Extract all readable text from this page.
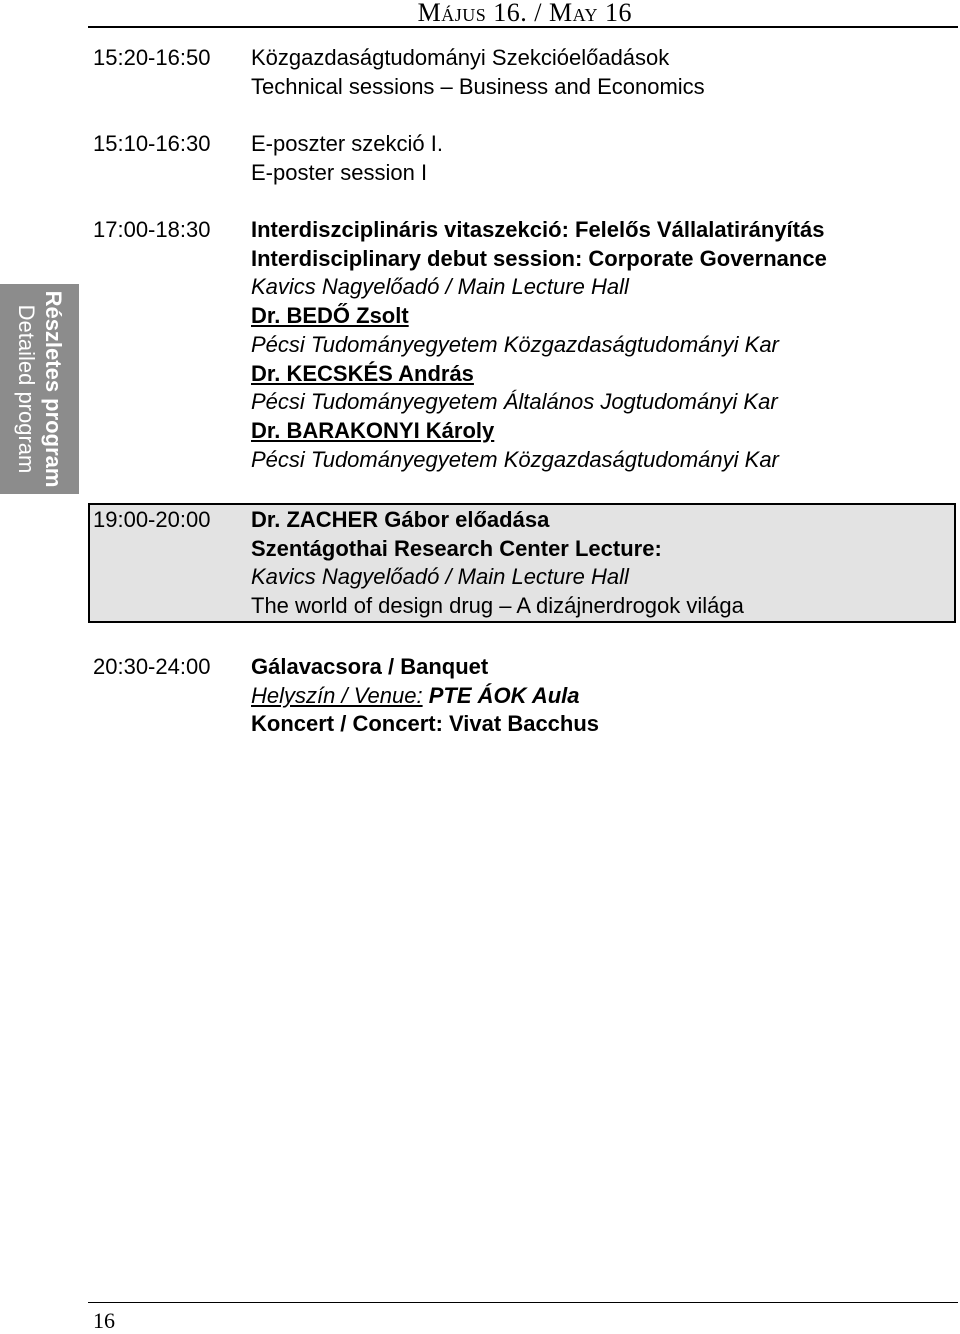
Május 16. / May 16
Részletes program
Detailed program
15:20-16:50	Közgazdaságtudományi Szekcióelőadások
Technical sessions – Business and Economics
15:10-16:30	E-poszter szekció I.
E-poster session I
17:00-18:30	Interdiszciplináris vitaszekció: Felelős Vállalatirányítás
Interdisciplinary debut session: Corporate Governance
Kavics Nagyelőadó / Main Lecture Hall
Dr. BEDŐ Zsolt
Pécsi Tudományegyetem Közgazdaságtudományi Kar
Dr. KECSKÉS András
Pécsi Tudományegyetem Általános Jogtudományi Kar
Dr. BARAKONYI Károly
Pécsi Tudományegyetem Közgazdaságtudományi Kar
19:00-20:00	Dr. ZACHER Gábor előadása
Szentágothai Research Center Lecture:
Kavics Nagyelőadó / Main Lecture Hall
The world of design drug – A dizájnerdrogok világa
20:30-24:00	Gálavacsora / Banquet
Helyszín / Venue: PTE ÁOK Aula
Koncert / Concert: Vivat Bacchus
16
